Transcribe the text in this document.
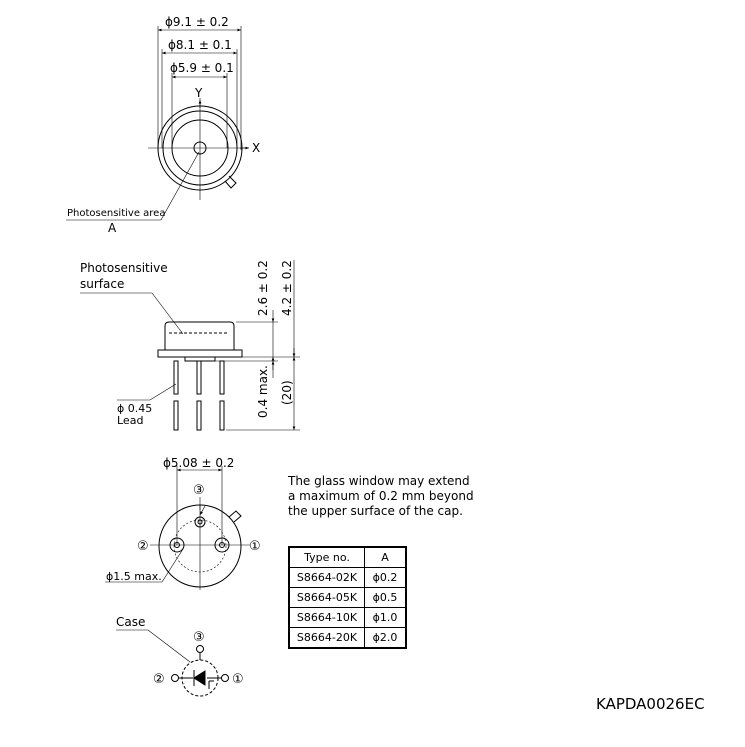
ϕ9.1 ± 0.2
ϕ8.1 ± 0.1
ϕ5.9 ± 0.1
Y
X
Photosensitive area
A
Photosensitive
surface
ϕ 0.45
Lead
2.6 ± 0.2 4.2 ± 0.2
0.4 max. (20)
ϕ5.08 ± 0.2
③
②	①
ϕ1.5 max.
Case
③
②	①
The glass window may extend
a maximum of 0.2 mm beyond
the upper surface of the cap.
Type no.	A
S8664-02K	ϕ0.2
S8664-05K	ϕ0.5
S8664-10K	ϕ1.0
S8664-20K	ϕ2.0
KAPDA0026EC
